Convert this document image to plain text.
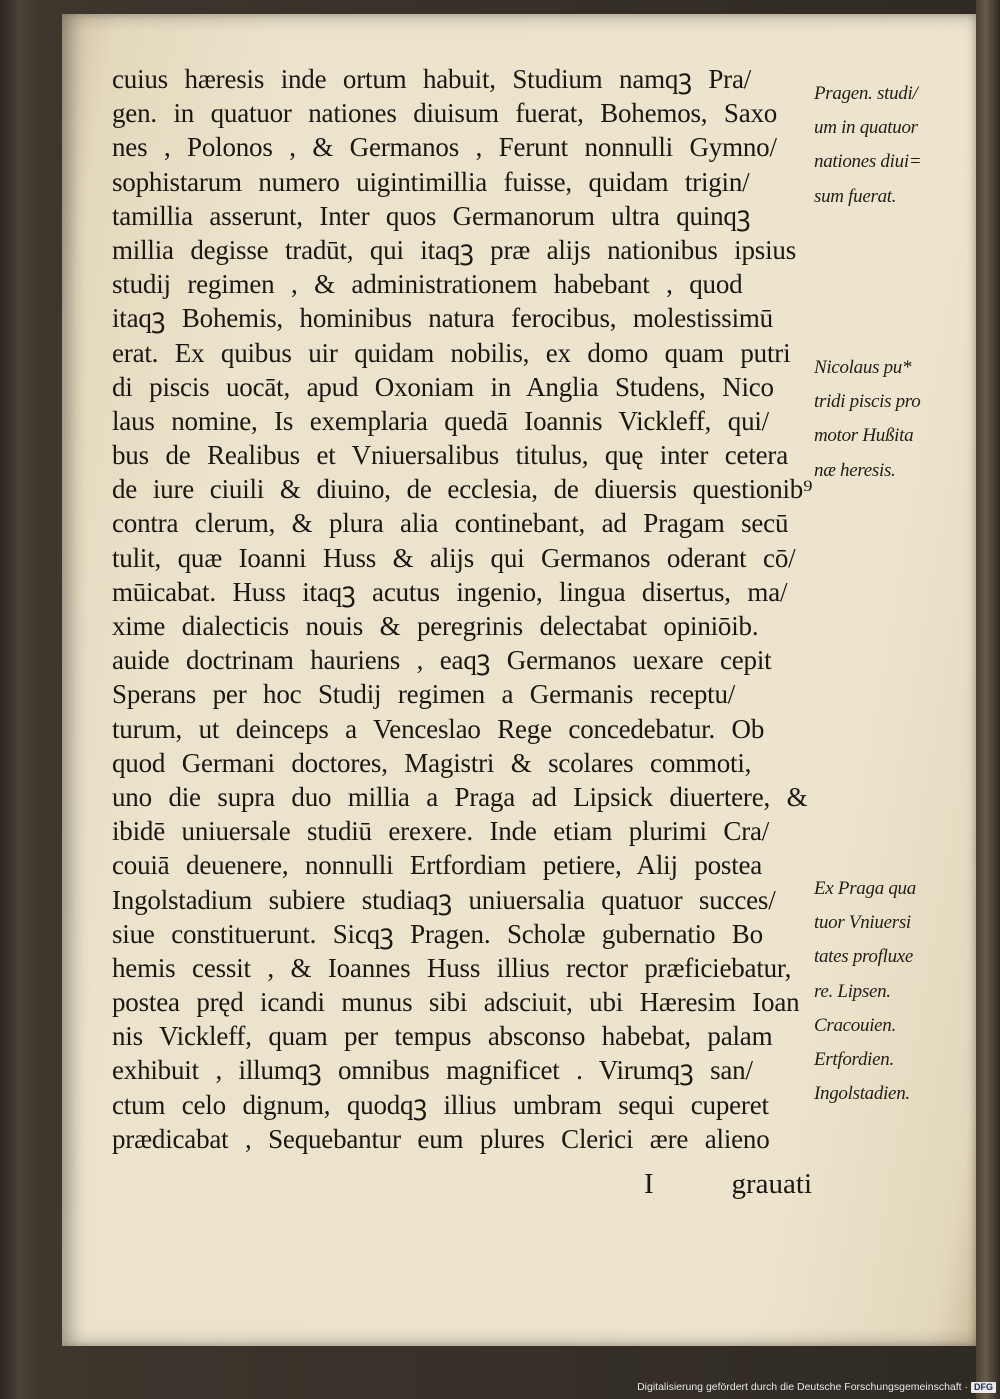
cuius hæresis inde ortum habuit, Studium namqꝫ Pra/
gen. in quatuor nationes diuisum fuerat, Bohemos, Saxo
nes , Polonos , & Germanos , Ferunt nonnulli Gymno/
sophistarum numero uigintimillia fuisse, quidam trigin/
tamillia asserunt, Inter quos Germanorum ultra quinqꝫ
millia degisse tradūt, qui itaqꝫ præ alijs nationibus ipsius
studij regimen , & administrationem habebant , quod
itaqꝫ Bohemis, hominibus natura ferocibus, molestissimū
erat. Ex quibus uir quidam nobilis, ex domo quam putri
di piscis uocāt, apud Oxoniam in Anglia Studens, Nico
laus nomine, Is exemplaria quedā Ioannis Vickleff, qui/
bus de Realibus et Vniuersalibus titulus, quę inter cetera
de iure ciuili & diuino, de ecclesia, de diuersis questionib⁹
contra clerum, & plura alia continebant, ad Pragam secū
tulit, quæ Ioanni Huss & alijs qui Germanos oderant cō/
mūicabat. Huss itaqꝫ acutus ingenio, lingua disertus, ma/
xime dialecticis nouis & peregrinis delectabat opiniōib.
auide doctrinam hauriens , eaqꝫ Germanos uexare cepit
Sperans per hoc Studij regimen a Germanis receptu/
turum, ut deinceps a Venceslao Rege concedebatur. Ob
quod Germani doctores, Magistri & scolares commoti,
uno die supra duo millia a Praga ad Lipsick diuertere, &
ibidē uniuersale studiū erexere. Inde etiam plurimi Cra/
couiā deuenere, nonnulli Ertfordiam petiere, Alij postea
Ingolstadium subiere studiaqꝫ uniuersalia quatuor succes/
siue constituerunt. Sicqꝫ Pragen. Scholæ gubernatio Bo
hemis cessit , & Ioannes Huss illius rector præficiebatur,
postea pręd icandi munus sibi adsciuit, ubi Hæresim Ioan
nis Vickleff, quam per tempus absconso habebat, palam
exhibuit , illumqꝫ omnibus magnificet . Virumqꝫ san/
ctum celo dignum, quodqꝫ illius umbram sequi cuperet
prædicabat , Sequebantur eum plures Clerici ære alieno
Pragen. studi/
um in quatuor
nationes diui=
sum fuerat.
Nicolaus pu*
tridi piscis pro
motor Hußita
næ heresis.
Ex Praga qua
tuor Vniuersi
tates profluxe
re. Lipsen.
Cracouien.
Ertfordien.
Ingolstadien.
I	grauati
Digitalisierung gefördert durch die Deutsche Forschungsgemeinschaft · DFG
